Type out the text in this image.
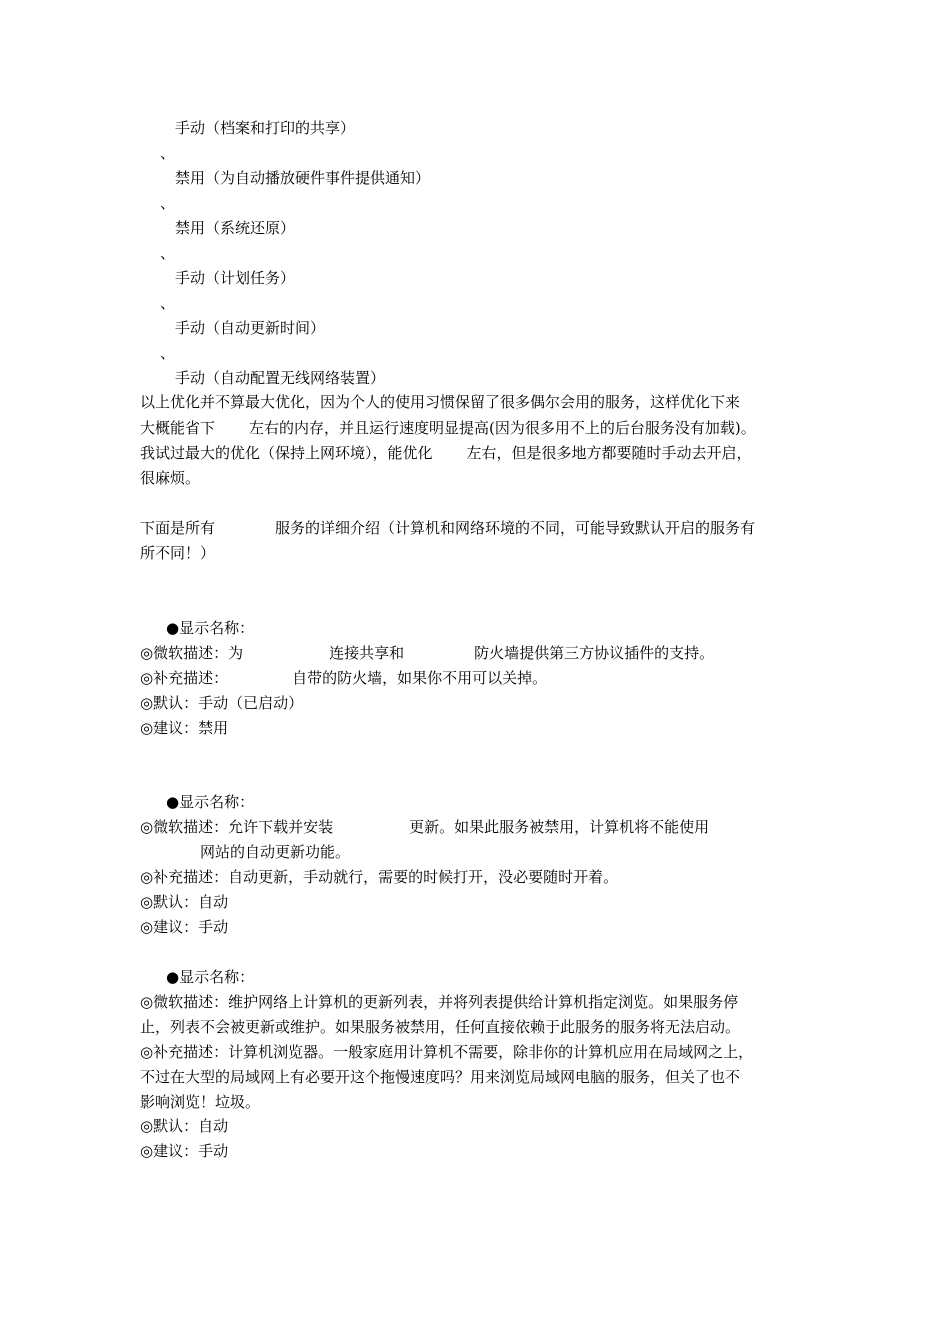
手动（档案和打印的共享）
、
禁用（为自动播放硬件事件提供通知）
、
禁用（系统还原）
、
手动（计划任务）
、
手动（自动更新时间）
、
手动（自动配置无线网络装置）
以上优化并不算最大优化，因为个人的使用习惯保留了很多偶尔会用的服务，这样优化下来
大概能省下 左右的内存，并且运行速度明显提高(因为很多用不上的后台服务没有加载)。
我试过最大的优化（保持上网环境），能优化 左右，但是很多地方都要随时手动去开启，
很麻烦。
下面是所有	服务的详细介绍（计算机和网络环境的不同，可能导致默认开启的服务有
所不同！）
●显示名称：
◎微软描述：为	连接共享和	防火墙提供第三方协议插件的支持。
◎补充描述：	自带的防火墙，如果你不用可以关掉。
◎默认：手动（已启动）
◎建议：禁用
●显示名称：
◎微软描述：允许下载并安装	更新。如果此服务被禁用，计算机将不能使用
网站的自动更新功能。
◎补充描述：自动更新，手动就行，需要的时候打开，没必要随时开着。
◎默认：自动
◎建议：手动
●显示名称：
◎微软描述：维护网络上计算机的更新列表，并将列表提供给计算机指定浏览。如果服务停
止，列表不会被更新或维护。如果服务被禁用，任何直接依赖于此服务的服务将无法启动。
◎补充描述：计算机浏览器。一般家庭用计算机不需要，除非你的计算机应用在局域网之上，
不过在大型的局域网上有必要开这个拖慢速度吗？用来浏览局域网电脑的服务，但关了也不
影响浏览！垃圾。
◎默认：自动
◎建议：手动
